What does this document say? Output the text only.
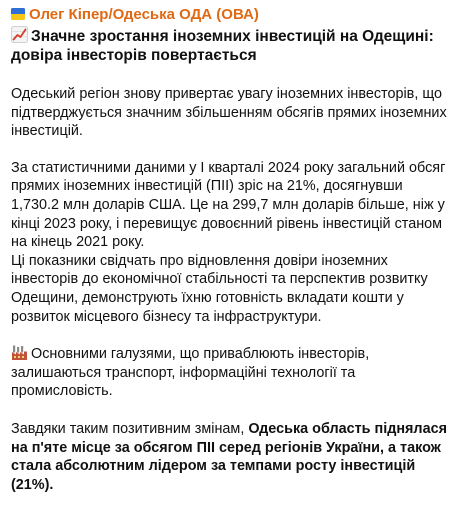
Олег Кіпер/Одеська ОДА (ОВА)
Значне зростання іноземних інвестицій на Одещині:
довіра інвесторів повертається

Одеський регіон знову привертає увагу іноземних інвесторів, що підтверджується значним збільшенням обсягів прямих іноземних інвестицій.

За статистичними даними у I кварталі 2024 року загальний обсяг прямих іноземних інвестицій (ПІІ) зріс на 21%, досягнувши 1,730.2 млн доларів США. Це на 299,7 млн доларів більше, ніж у кінці 2023 року, і перевищує довоєнний рівень інвестицій станом на кінець 2021 року.

Ці показники свідчать про відновлення довіри іноземних інвесторів до економічної стабільності та перспектив розвитку Одещини, демонструють їхню готовність вкладати кошти у розвиток місцевого бізнесу та інфраструктури.

Основними галузями, що приваблюють інвесторів, залишаються транспорт, інформаційні технології та промисловість.

Завдяки таким позитивним змінам, Одеська область піднялася на п'яте місце за обсягом ПІІ серед регіонів України, а також стала абсолютним лідером за темпами росту інвестицій (21%).
